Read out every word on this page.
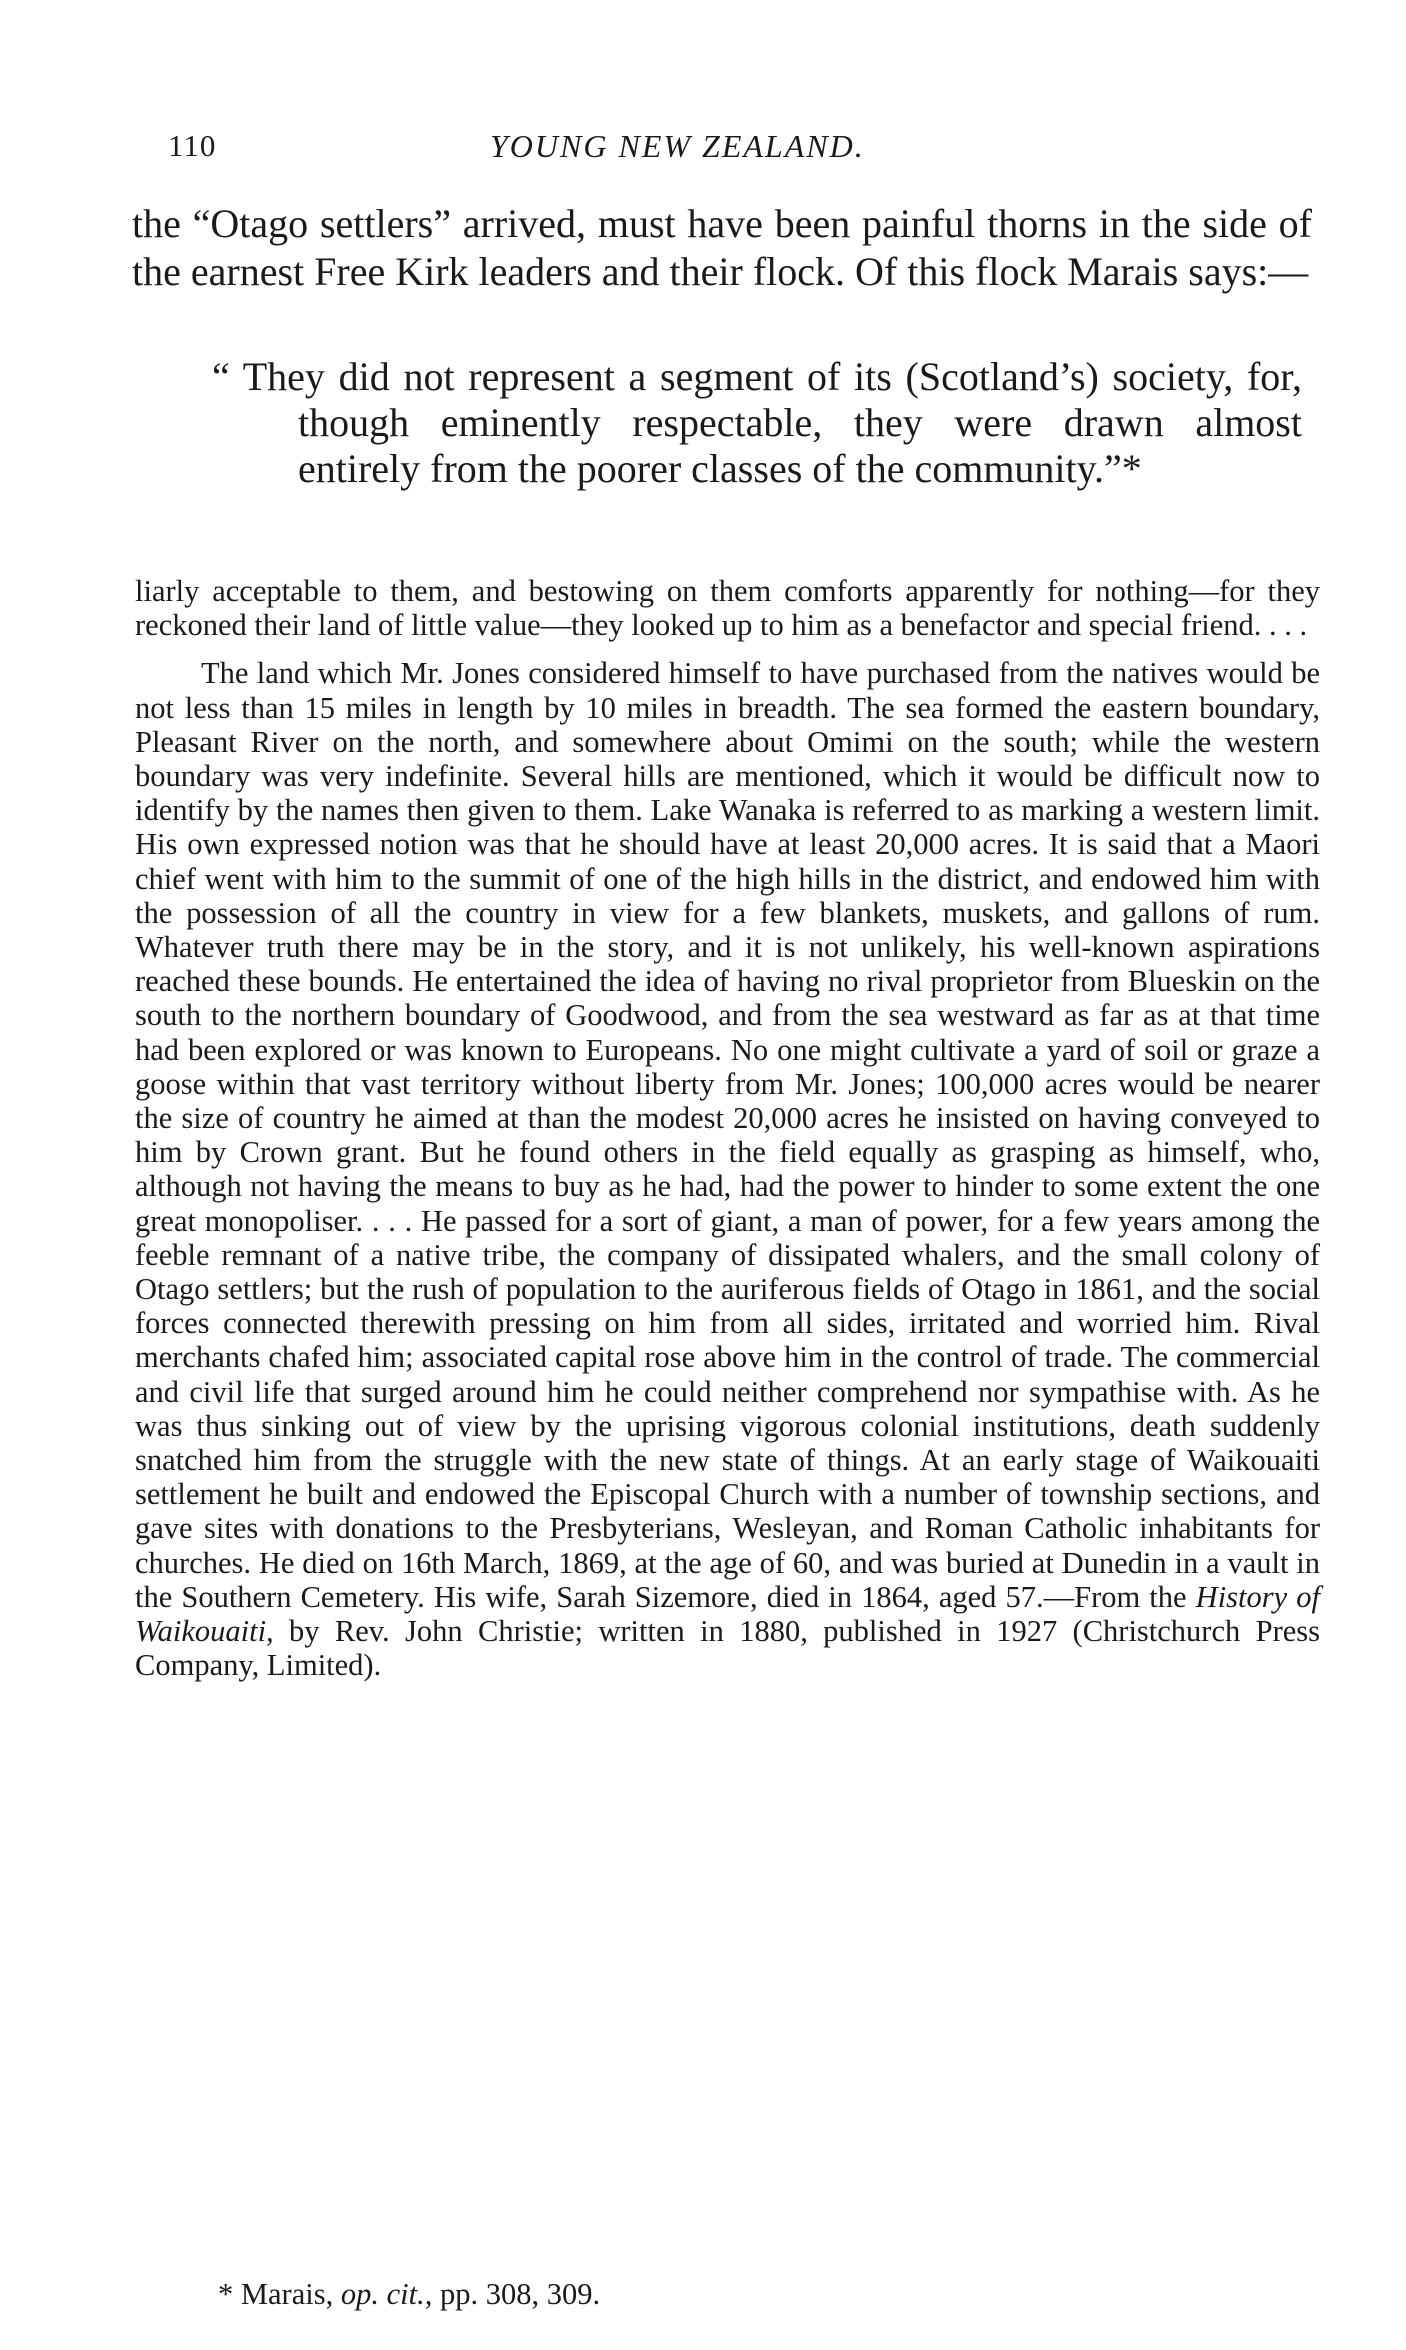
110	YOUNG NEW ZEALAND.

the “Otago settlers” arrived, must have been painful thorns in the side of the earnest Free Kirk leaders and their flock. Of this flock Marais says:—

“ They did not represent a segment of its (Scotland’s) society, for, though eminently respectable, they were drawn almost entirely from the poorer classes of the community.”*

liarly acceptable to them, and bestowing on them comforts apparently for nothing—for they reckoned their land of little value—they looked up to him as a benefactor and special friend. . . .

The land which Mr. Jones considered himself to have purchased from the natives would be not less than 15 miles in length by 10 miles in breadth. The sea formed the eastern boundary, Pleasant River on the north, and somewhere about Omimi on the south; while the western boundary was very indefinite. Several hills are mentioned, which it would be difficult now to identify by the names then given to them. Lake Wanaka is referred to as marking a western limit. His own expressed notion was that he should have at least 20,000 acres. It is said that a Maori chief went with him to the summit of one of the high hills in the district, and endowed him with the possession of all the country in view for a few blankets, muskets, and gallons of rum. Whatever truth there may be in the story, and it is not unlikely, his well-known aspirations reached these bounds. He entertained the idea of having no rival proprietor from Blueskin on the south to the northern boundary of Goodwood, and from the sea westward as far as at that time had been explored or was known to Europeans. No one might cultivate a yard of soil or graze a goose within that vast territory without liberty from Mr. Jones; 100,000 acres would be nearer the size of country he aimed at than the modest 20,000 acres he insisted on having conveyed to him by Crown grant. But he found others in the field equally as grasping as himself, who, although not having the means to buy as he had, had the power to hinder to some extent the one great monopoliser. . . . He passed for a sort of giant, a man of power, for a few years among the feeble remnant of a native tribe, the company of dissipated whalers, and the small colony of Otago settlers; but the rush of population to the auriferous fields of Otago in 1861, and the social forces connected therewith pressing on him from all sides, irritated and worried him. Rival merchants chafed him; associated capital rose above him in the control of trade. The commercial and civil life that surged around him he could neither comprehend nor sympathise with. As he was thus sinking out of view by the uprising vigorous colonial institutions, death suddenly snatched him from the struggle with the new state of things. At an early stage of Waikouaiti settlement he built and endowed the Episcopal Church with a number of township sections, and gave sites with donations to the Presbyterians, Wesleyan, and Roman Catholic inhabitants for churches. He died on 16th March, 1869, at the age of 60, and was buried at Dunedin in a vault in the Southern Cemetery. His wife, Sarah Sizemore, died in 1864, aged 57.—From the History of Waikouaiti, by Rev. John Christie; written in 1880, published in 1927 (Christchurch Press Company, Limited).

* Marais, op. cit., pp. 308, 309.
